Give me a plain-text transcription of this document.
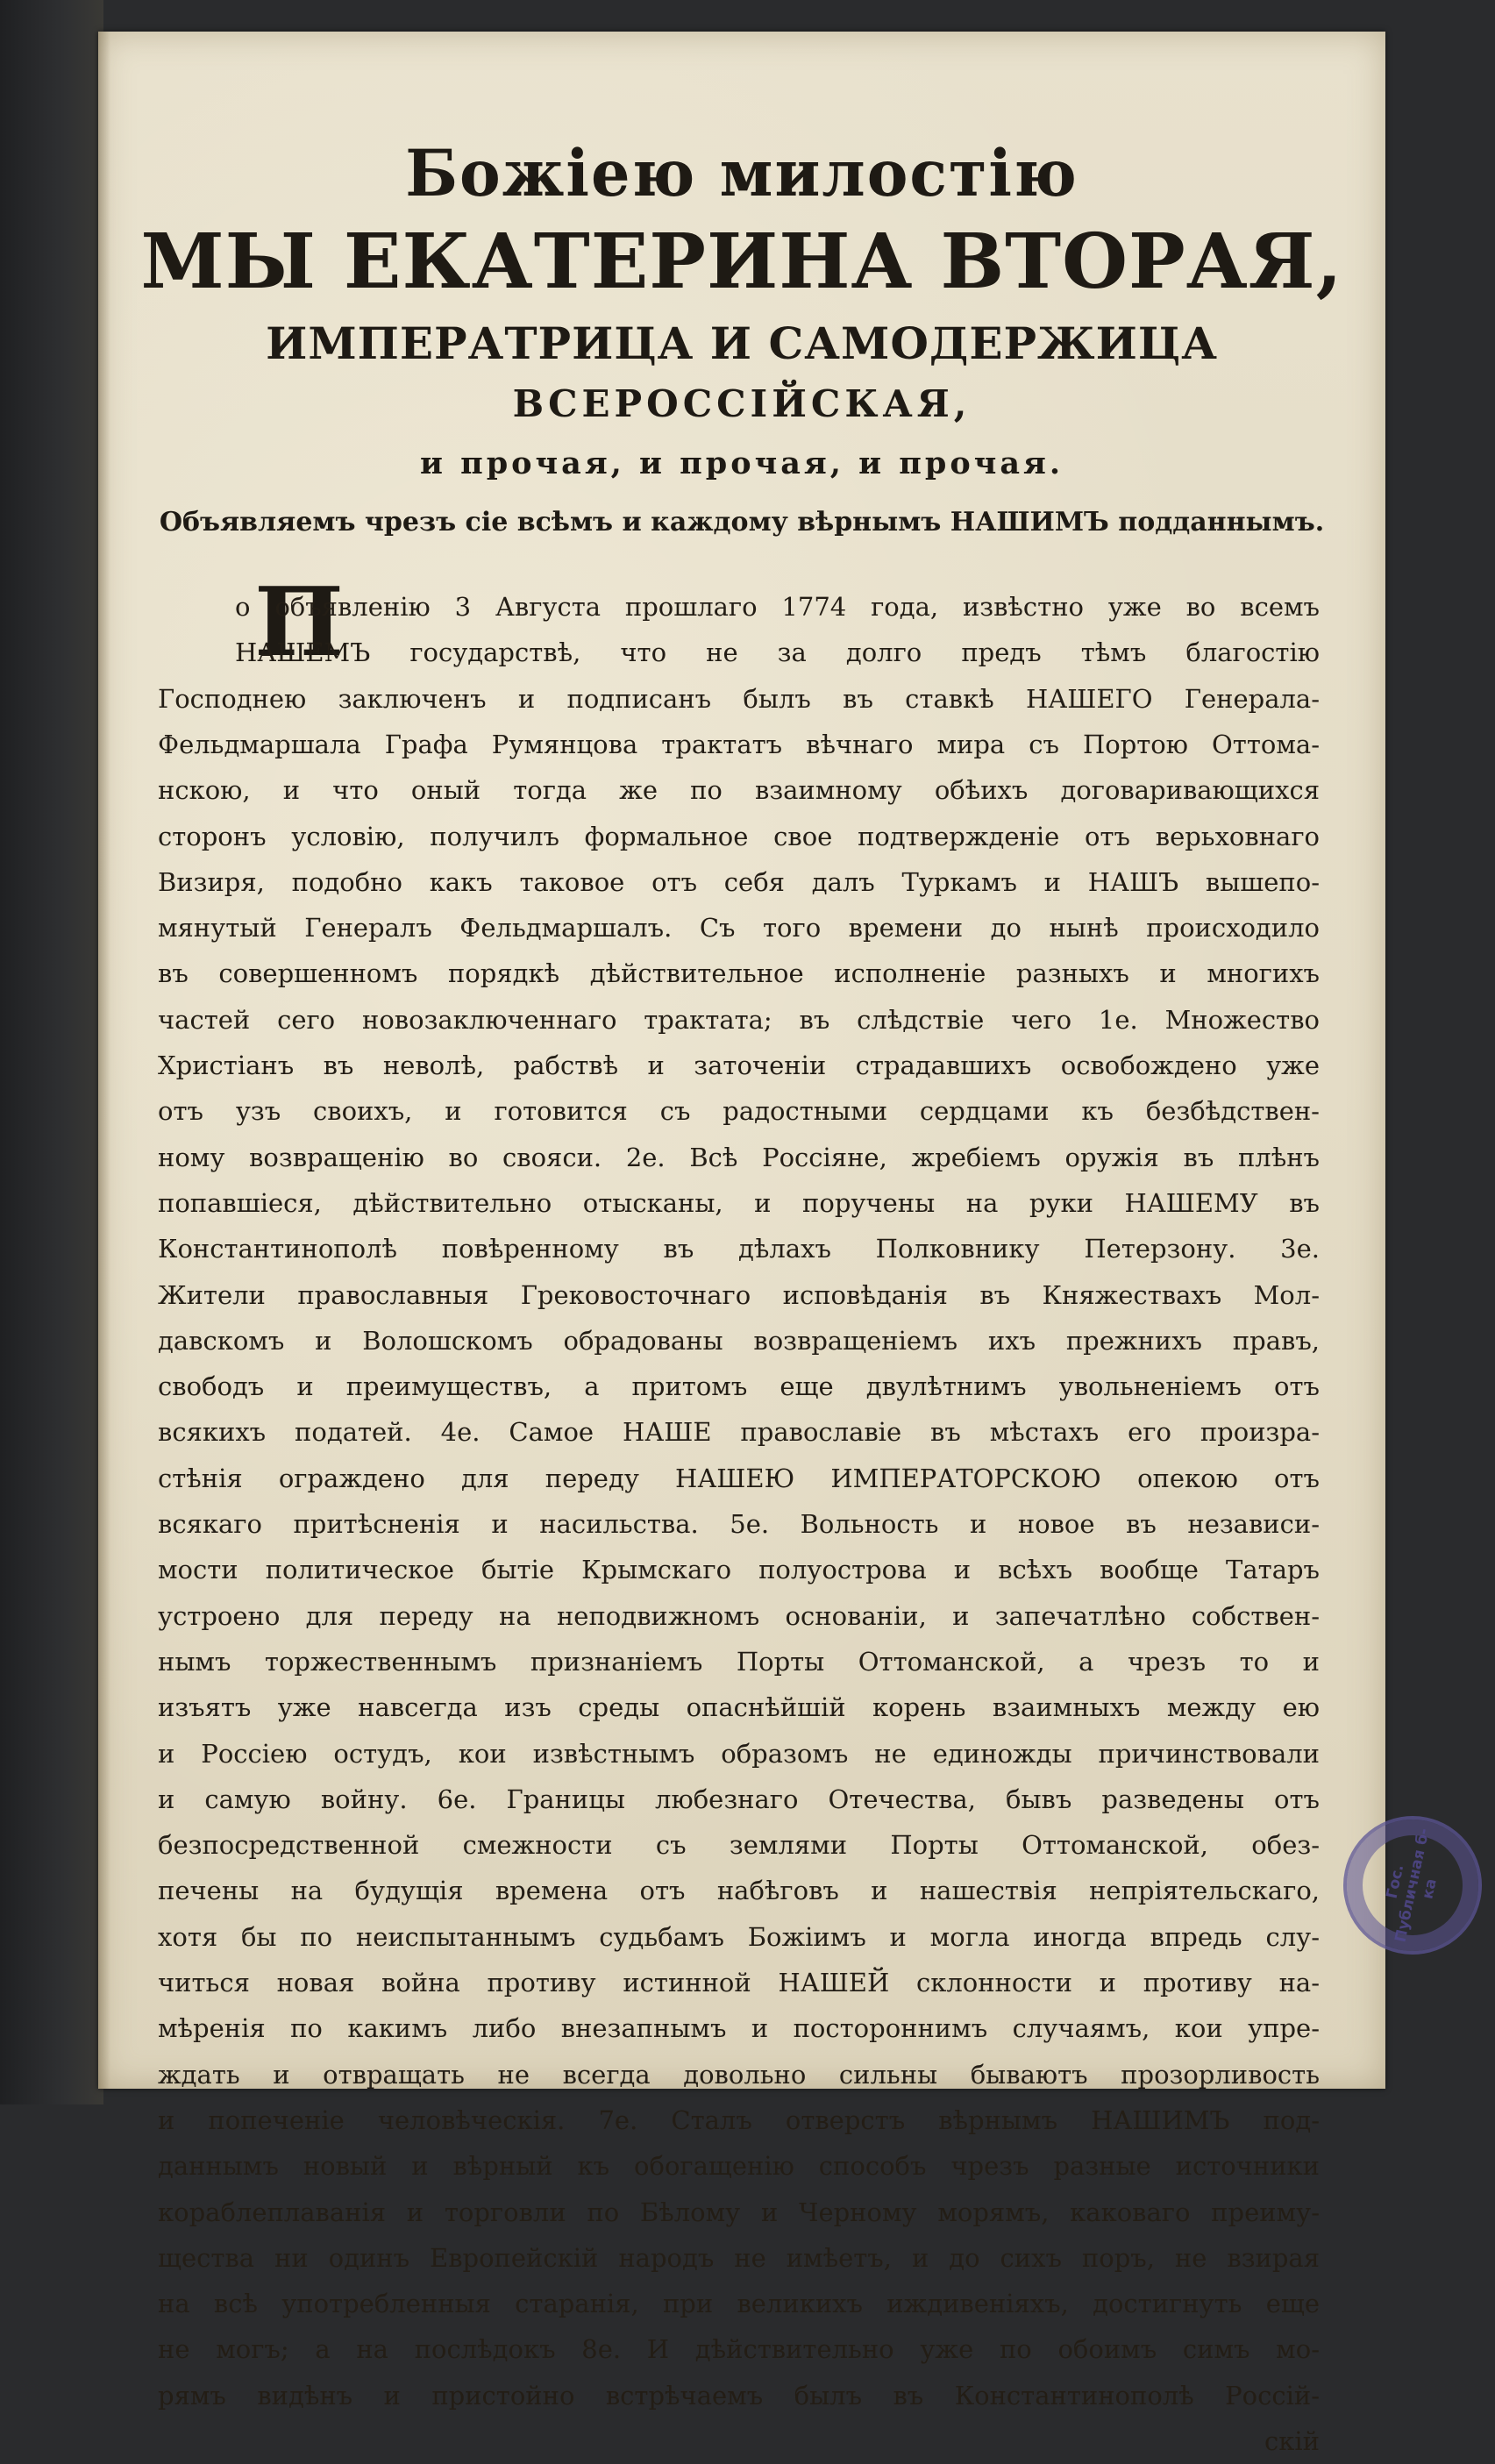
Божіею милостію
МЫ ЕКАТЕРИНА ВТОРАЯ,
ИМПЕРАТРИЦА И САМОДЕРЖИЦА
ВСЕРОССІЙСКАЯ,
и прочая, и прочая, и прочая.
Объявляемъ чрезъ сіе всѣмъ и каждому вѣрнымъ НАШИМЪ подданнымъ.
П
о объявленію 3 Августа прошлаго 1774 года, извѣстно уже во всемъ
НАШЕМЪ государствѣ, что не за долго предъ тѣмъ благостію
Господнею заключенъ и подписанъ былъ въ ставкѣ НАШЕГО Генерала-
Фельдмаршала Графа Румянцова трактатъ вѣчнаго мира съ Портою Оттома-
нскою, и что оный тогда же по взаимному обѣихъ договаривающихся
сторонъ условію, получилъ формальное свое подтвержденіе отъ верьховнаго
Визиря, подобно какъ таковое отъ себя далъ Туркамъ и НАШЪ вышепо-
мянутый Генералъ Фельдмаршалъ. Съ того времени до нынѣ происходило
въ совершенномъ порядкѣ дѣйствительное исполненіе разныхъ и многихъ
частей сего новозаключеннаго трактата; въ слѣдствіе чего 1е. Множество
Христіанъ въ неволѣ, рабствѣ и заточеніи страдавшихъ освобождено уже
отъ узъ своихъ, и готовится съ радостными сердцами къ безбѣдствен-
ному возвращенію во свояси. 2е. Всѣ Россіяне, жребіемъ оружія въ плѣнъ
попавшіеся, дѣйствительно отысканы, и поручены на руки НАШЕМУ въ
Константинополѣ повѣренному въ дѣлахъ Полковнику Петерзону. 3е.
Жители православныя Грековосточнаго исповѣданія въ Княжествахъ Мол-
давскомъ и Волошскомъ обрадованы возвращеніемъ ихъ прежнихъ правъ,
свободъ и преимуществъ, а притомъ еще двулѣтнимъ увольненіемъ отъ
всякихъ податей. 4е. Самое НАШЕ православіе въ мѣстахъ его произра-
стѣнія ограждено для переду НАШЕЮ ИМПЕРАТОРСКОЮ опекою отъ
всякаго притѣсненія и насильства. 5е. Вольность и новое въ независи-
мости политическое бытіе Крымскаго полуострова и всѣхъ вообще Татаръ
устроено для переду на неподвижномъ основаніи, и запечатлѣно собствен-
нымъ торжественнымъ признаніемъ Порты Оттоманской, а чрезъ то и
изъятъ уже навсегда изъ среды опаснѣйшій корень взаимныхъ между ею
и Россіею остудъ, кои извѣстнымъ образомъ не единожды причинствовали
и самую войну. 6е. Границы любезнаго Отечества, бывъ разведены отъ
безпосредственной смежности съ землями Порты Оттоманской, обез-
печены на будущія времена отъ набѣговъ и нашествія непріятельскаго,
хотя бы по неиспытаннымъ судьбамъ Божіимъ и могла иногда впредь слу-
читься новая война противу истинной НАШЕЙ склонности и противу на-
мѣренія по какимъ либо внезапнымъ и постороннимъ случаямъ, кои упре-
ждать и отвращать не всегда довольно сильны бываютъ прозорливость
и попеченіе человѣческія. 7е. Сталъ отверстъ вѣрнымъ НАШИМЪ под-
даннымъ новый и вѣрный къ обогащенію способъ чрезъ разные источники
кораблеплаванія и торговли по Бѣлому и Черному морямъ, каковаго преиму-
щества ни одинъ Европейскій народъ не имѣетъ, и до сихъ поръ, не взирая
на всѣ употребленныя старанія, при великихъ иждивеніяхъ, достигнуть еще
не могъ; а на послѣдокъ 8е. И дѣйствительно уже по обоимъ симъ мо-
рямъ видѣнъ и пристойно встрѣчаемъ былъ въ Константинополѣ Россій-
скій
Гос. Публичная б-ка
